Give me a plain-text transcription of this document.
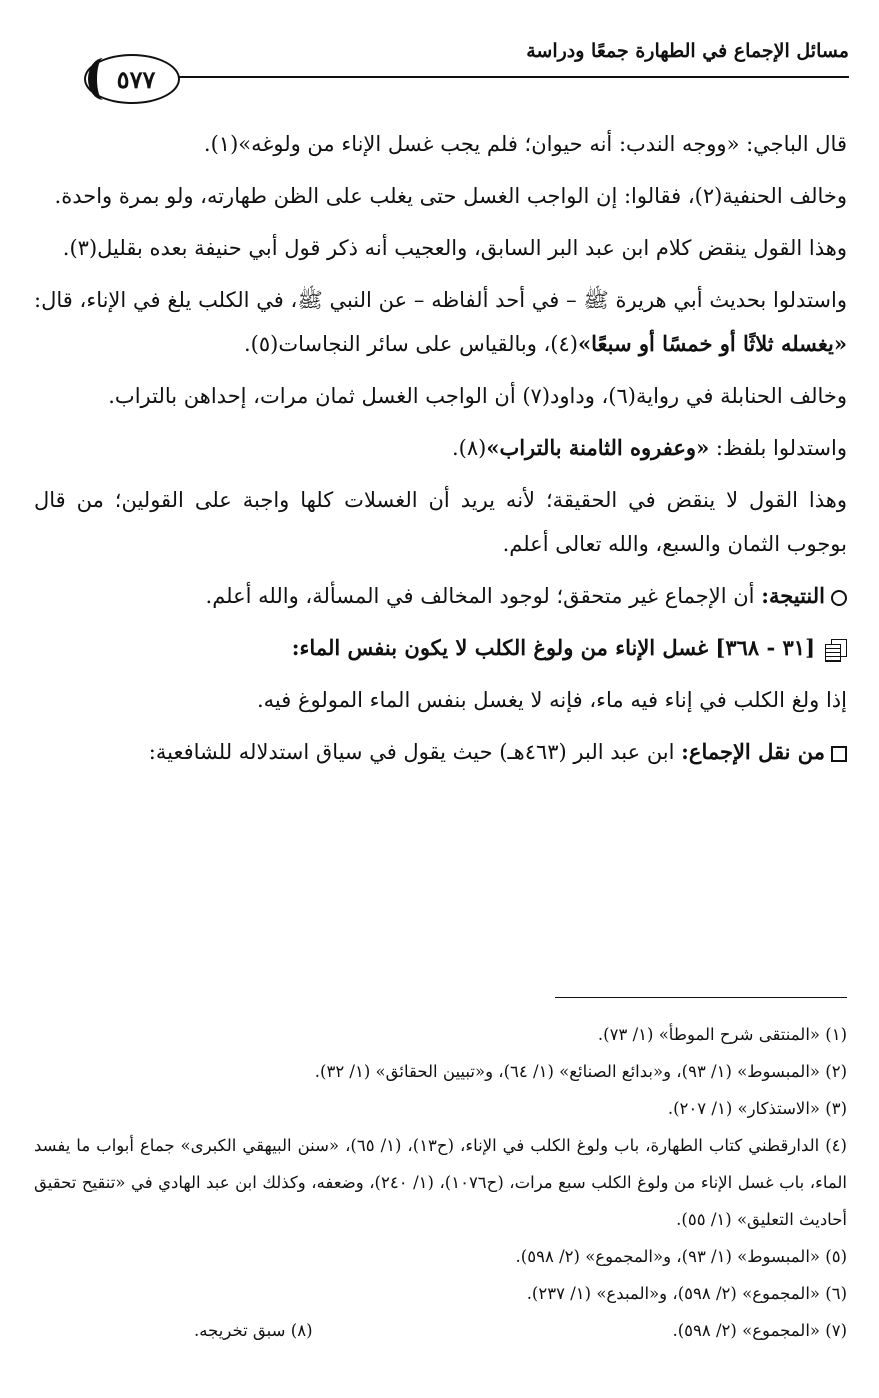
مسائل الإجماع في الطهارة جمعًا ودراسة
٥٧٧

قال الباجي: «ووجه الندب: أنه حيوان؛ فلم يجب غسل الإناء من ولوغه»(١).

وخالف الحنفية(٢)، فقالوا: إن الواجب الغسل حتى يغلب على الظن طهارته، ولو بمرة واحدة.

وهذا القول ينقض كلام ابن عبد البر السابق، والعجيب أنه ذكر قول أبي حنيفة بعده بقليل(٣).

واستدلوا بحديث أبي هريرة ﷺ – في أحد ألفاظه – عن النبي ﷺ، في الكلب يلغ في الإناء، قال: «يغسله ثلاثًا أو خمسًا أو سبعًا»(٤)، وبالقياس على سائر النجاسات(٥).

وخالف الحنابلة في رواية(٦)، وداود(٧) أن الواجب الغسل ثمان مرات، إحداهن بالتراب.

واستدلوا بلفظ: «وعفروه الثامنة بالتراب»(٨).

وهذا القول لا ينقض في الحقيقة؛ لأنه يريد أن الغسلات كلها واجبة على القولين؛ من قال بوجوب الثمان والسبع، والله تعالى أعلم.

النتيجة: أن الإجماع غير متحقق؛ لوجود المخالف في المسألة، والله أعلم.

[٣١ - ٣٦٨] غسل الإناء من ولوغ الكلب لا يكون بنفس الماء:

إذا ولغ الكلب في إناء فيه ماء، فإنه لا يغسل بنفس الماء المولوغ فيه.

من نقل الإجماع: ابن عبد البر (٤٦٣هـ) حيث يقول في سياق استدلاله للشافعية:

(١) «المنتقى شرح الموطأ» (١/ ٧٣).

(٢) «المبسوط» (١/ ٩٣)، و«بدائع الصنائع» (١/ ٦٤)، و«تبيين الحقائق» (١/ ٣٢).

(٣) «الاستذكار» (١/ ٢٠٧).

(٤) الدارقطني كتاب الطهارة، باب ولوغ الكلب في الإناء، (ح١٣)، (١/ ٦٥)، «سنن البيهقي الكبرى» جماع أبواب ما يفسد الماء، باب غسل الإناء من ولوغ الكلب سبع مرات، (ح١٠٧٦)، (١/ ٢٤٠)، وضعفه، وكذلك ابن عبد الهادي في «تنقيح تحقيق أحاديث التعليق» (١/ ٥٥).

(٥) «المبسوط» (١/ ٩٣)، و«المجموع» (٢/ ٥٩٨).

(٦) «المجموع» (٢/ ٥٩٨)، و«المبدع» (١/ ٢٣٧).

(٧) «المجموع» (٢/ ٥٩٨).
(٨) سبق تخريجه.
